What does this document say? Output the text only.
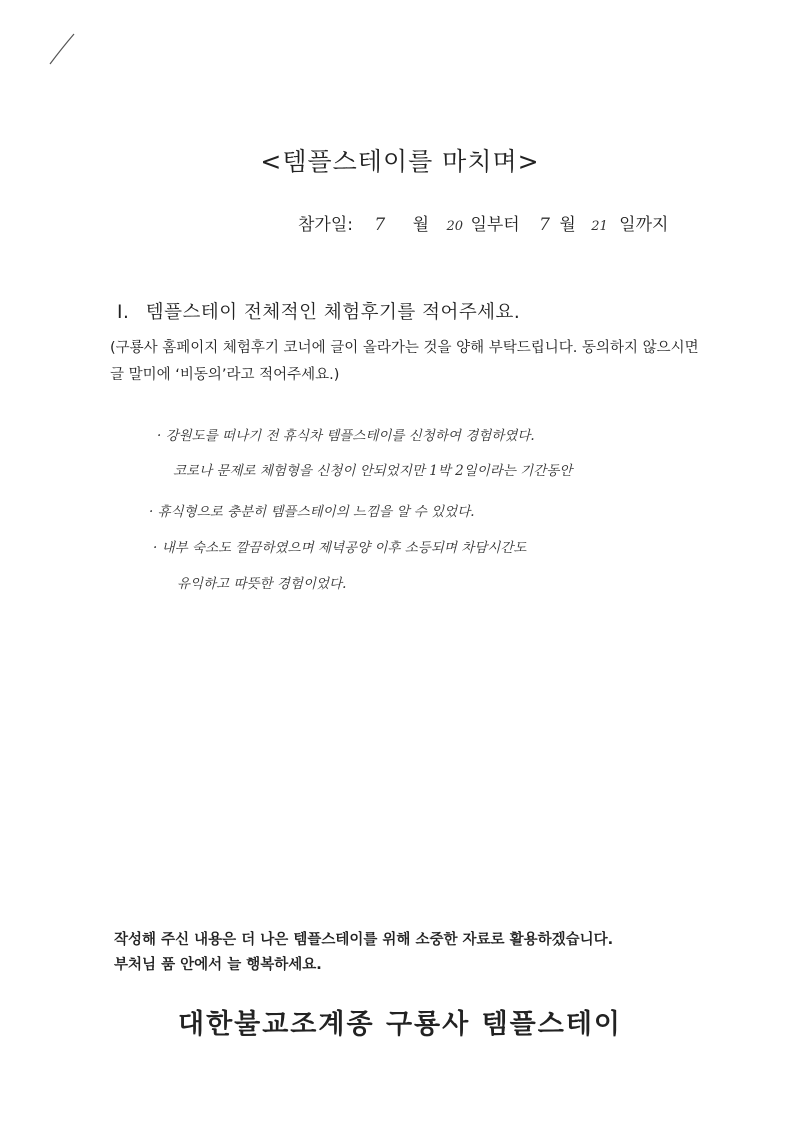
<템플스테이를 마치며>
참가일: 7 월 20 일부터 7 월 21 일까지
I. 템플스테이 전체적인 체험후기를 적어주세요.
(구룡사 홈페이지 체험후기 코너에 글이 올라가는 것을 양해 부탁드립니다. 동의하지 않으시면 글 말미에 ‘비동의’라고 적어주세요.)
· 강원도를 떠나기 전 휴식차 템플스테이를 신청하여 경험하였다.
코로나 문제로 체험형을 신청이 안되었지만 1박 2일이라는 기간동안
· 휴식형으로 충분히 템플스테이의 느낌을 알 수 있었다.
· 내부 숙소도 깔끔하였으며 제녁공양 이후 소등되며 차담시간도
유익하고 따뜻한 경험이었다.
작성해 주신 내용은 더 나은 템플스테이를 위해 소중한 자료로 활용하겠습니다.
부처님 품 안에서 늘 행복하세요.
대한불교조계종 구룡사 템플스테이
